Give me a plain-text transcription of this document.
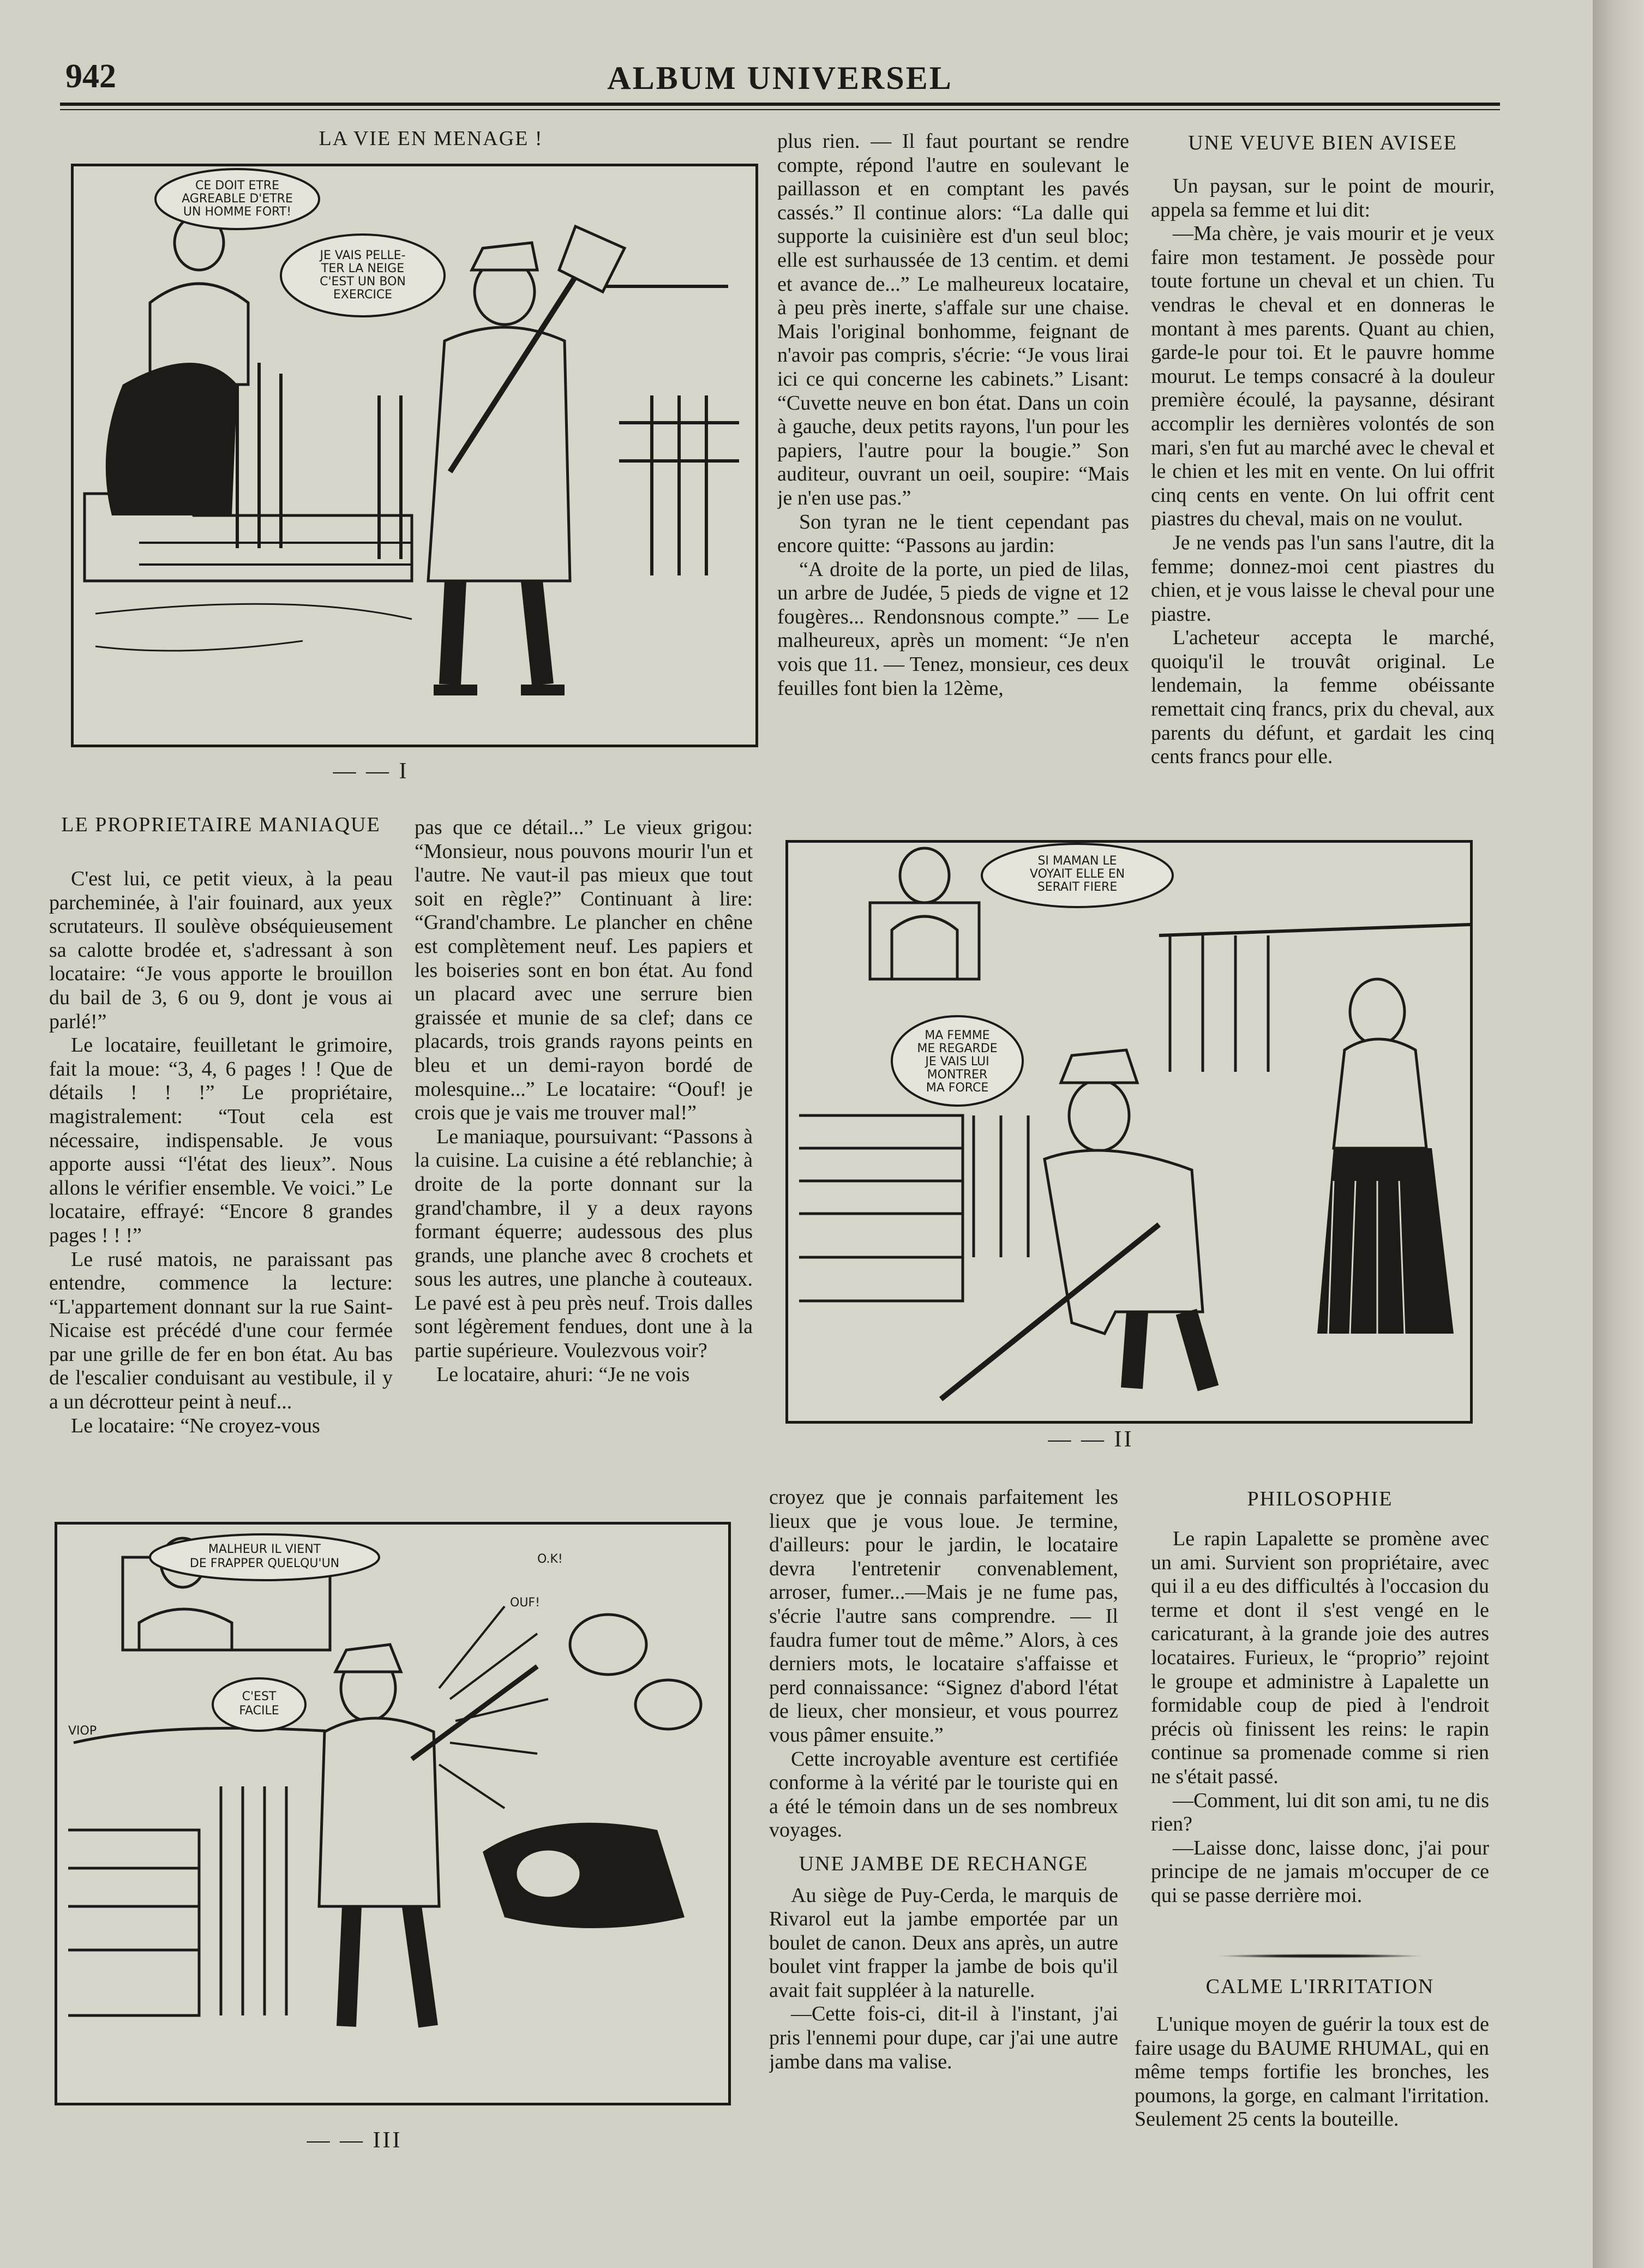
942	ALBUM UNIVERSEL
LA VIE EN MENAGE !
CE DOIT ETRE
AGREABLE D'ETRE
UN HOMME FORT!
JE VAIS PELLE-
TER LA NEIGE
C'EST UN BON
EXERCICE
— — I
LE PROPRIETAIRE MANIAQUE

C'est lui, ce petit vieux, à la peau parcheminée, à l'air fouinard, aux yeux scrutateurs. Il soulève obséquieusement sa calotte brodée et, s'adressant à son locataire: “Je vous apporte le brouillon du bail de 3, 6 ou 9, dont je vous ai parlé!”

Le locataire, feuilletant le grimoire, fait la moue: “3, 4, 6 pages ! ! Que de détails ! ! !” Le propriétaire, magistralement: “Tout cela est nécessaire, indispensable. Je vous apporte aussi “l'état des lieux”. Nous allons le vérifier ensemble. Ve voici.” Le locataire, effrayé: “Encore 8 grandes pages ! ! !”

Le rusé matois, ne paraissant pas entendre, commence la lecture: “L'appartement donnant sur la rue Saint-Nicaise est précédé d'une cour fermée par une grille de fer en bon état. Au bas de l'escalier conduisant au vestibule, il y a un décrotteur peint à neuf...

Le locataire: “Ne croyez-vous

pas que ce détail...” Le vieux grigou: “Monsieur, nous pouvons mourir l'un et l'autre. Ne vaut-il pas mieux que tout soit en règle?” Continuant à lire: “Grand'chambre. Le plancher en chêne est complètement neuf. Les papiers et les boiseries sont en bon état. Au fond un placard avec une serrure bien graissée et munie de sa clef; dans ce placards, trois grands rayons peints en bleu et un demi-rayon bordé de molesquine...” Le locataire: “Oouf! je crois que je vais me trouver mal!”

Le maniaque, poursuivant: “Passons à la cuisine. La cuisine a été reblanchie; à droite de la porte donnant sur la grand'chambre, il y a deux rayons formant équerre; audessous des plus grands, une planche avec 8 crochets et sous les autres, une planche à couteaux. Le pavé est à peu près neuf. Trois dalles sont légèrement fendues, dont une à la partie supérieure. Voulezvous voir?

Le locataire, ahuri: “Je ne vois

plus rien. — Il faut pourtant se rendre compte, répond l'autre en soulevant le paillasson et en comptant les pavés cassés.” Il continue alors: “La dalle qui supporte la cuisinière est d'un seul bloc; elle est surhaussée de 13 centim. et demi et avance de...” Le malheureux locataire, à peu près inerte, s'affale sur une chaise. Mais l'original bonhomme, feignant de n'avoir pas compris, s'écrie: “Je vous lirai ici ce qui concerne les cabinets.” Lisant: “Cuvette neuve en bon état. Dans un coin à gauche, deux petits rayons, l'un pour les papiers, l'autre pour la bougie.” Son auditeur, ouvrant un oeil, soupire: “Mais je n'en use pas.”

Son tyran ne le tient cependant pas encore quitte: “Passons au jardin:

“A droite de la porte, un pied de lilas, un arbre de Judée, 5 pieds de vigne et 12 fougères... Rendonsnous compte.” — Le malheureux, après un moment: “Je n'en vois que 11. — Tenez, monsieur, ces deux feuilles font bien la 12ème,

UNE VEUVE BIEN AVISEE

Un paysan, sur le point de mourir, appela sa femme et lui dit:

—Ma chère, je vais mourir et je veux faire mon testament. Je possède pour toute fortune un cheval et un chien. Tu vendras le cheval et en donneras le montant à mes parents. Quant au chien, garde-le pour toi. Et le pauvre homme mourut. Le temps consacré à la douleur première écoulé, la paysanne, désirant accomplir les dernières volontés de son mari, s'en fut au marché avec le cheval et le chien et les mit en vente. On lui offrit cinq cents en vente. On lui offrit cent piastres du cheval, mais on ne voulut.

Je ne vends pas l'un sans l'autre, dit la femme; donnez-moi cent piastres du chien, et je vous laisse le cheval pour une piastre.

L'acheteur accepta le marché, quoiqu'il le trouvât original. Le lendemain, la femme obéissante remettait cinq francs, prix du cheval, aux parents du défunt, et gardait les cinq cents francs pour elle.

SI MAMAN LE
VOYAIT ELLE EN
SERAIT FIERE
MA FEMME
ME REGARDE
JE VAIS LUI
MONTRER
MA FORCE
— — II
MALHEUR IL VIENT
DE FRAPPER QUELQU'UN
C'EST
FACILE
OUF!
VIOP
O.K!
— — III

croyez que je connais parfaitement les lieux que je vous loue. Je termine, d'ailleurs: pour le jardin, le locataire devra l'entretenir convenablement, arroser, fumer...—Mais je ne fume pas, s'écrie l'autre sans comprendre. — Il faudra fumer tout de même.” Alors, à ces derniers mots, le locataire s'affaisse et perd connaissance: “Signez d'abord l'état de lieux, cher monsieur, et vous pourrez vous pâmer ensuite.”

Cette incroyable aventure est certifiée conforme à la vérité par le touriste qui en a été le témoin dans un de ses nombreux voyages.

UNE JAMBE DE RECHANGE

Au siège de Puy-Cerda, le marquis de Rivarol eut la jambe emportée par un boulet de canon. Deux ans après, un autre boulet vint frapper la jambe de bois qu'il avait fait suppléer à la naturelle.

—Cette fois-ci, dit-il à l'instant, j'ai pris l'ennemi pour dupe, car j'ai une autre jambe dans ma valise.

PHILOSOPHIE

Le rapin Lapalette se promène avec un ami. Survient son propriétaire, avec qui il a eu des difficultés à l'occasion du terme et dont il s'est vengé en le caricaturant, à la grande joie des autres locataires. Furieux, le “proprio” rejoint le groupe et administre à Lapalette un formidable coup de pied à l'endroit précis où finissent les reins: le rapin continue sa promenade comme si rien ne s'était passé.

—Comment, lui dit son ami, tu ne dis rien?

—Laisse donc, laisse donc, j'ai pour principe de ne jamais m'occuper de ce qui se passe derrière moi.

CALME L'IRRITATION

L'unique moyen de guérir la toux est de faire usage du BAUME RHUMAL, qui en même temps fortifie les bronches, les poumons, la gorge, en calmant l'irritation. Seulement 25 cents la bouteille.
